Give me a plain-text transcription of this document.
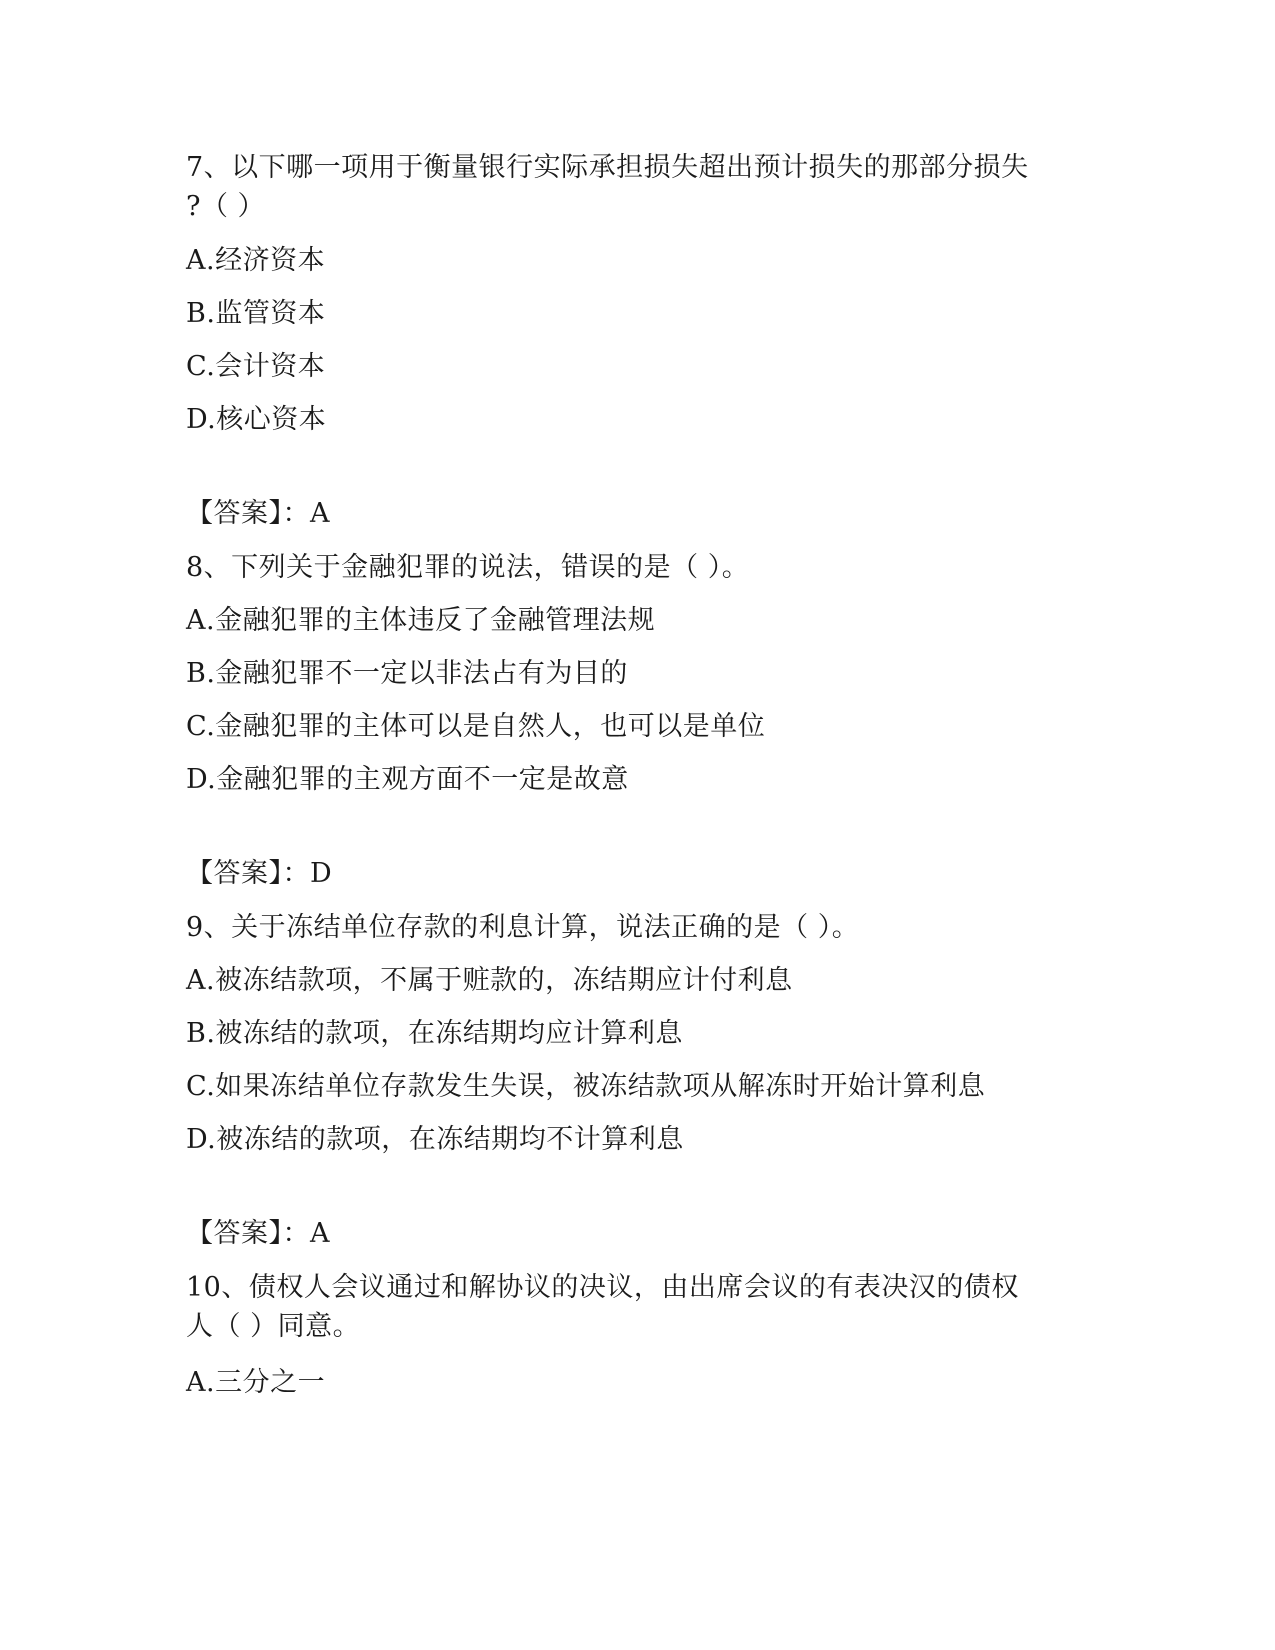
7、以下哪一项用于衡量银行实际承担损失超出预计损失的那部分损失
?（ ）
A.经济资本
B.监管资本
C.会计资本
D.核心资本
【答案】：A
8、下列关于金融犯罪的说法，错误的是（ ）。
A.金融犯罪的主体违反了金融管理法规
B.金融犯罪不一定以非法占有为目的
C.金融犯罪的主体可以是自然人，也可以是单位
D.金融犯罪的主观方面不一定是故意
【答案】：D
9、关于冻结单位存款的利息计算，说法正确的是（ ）。
A.被冻结款项，不属于赃款的，冻结期应计付利息
B.被冻结的款项，在冻结期均应计算利息
C.如果冻结单位存款发生失误，被冻结款项从解冻时开始计算利息
D.被冻结的款项，在冻结期均不计算利息
【答案】：A
10、债权人会议通过和解协议的决议，由出席会议的有表决汉的债权
人（ ）同意。
A.三分之一
